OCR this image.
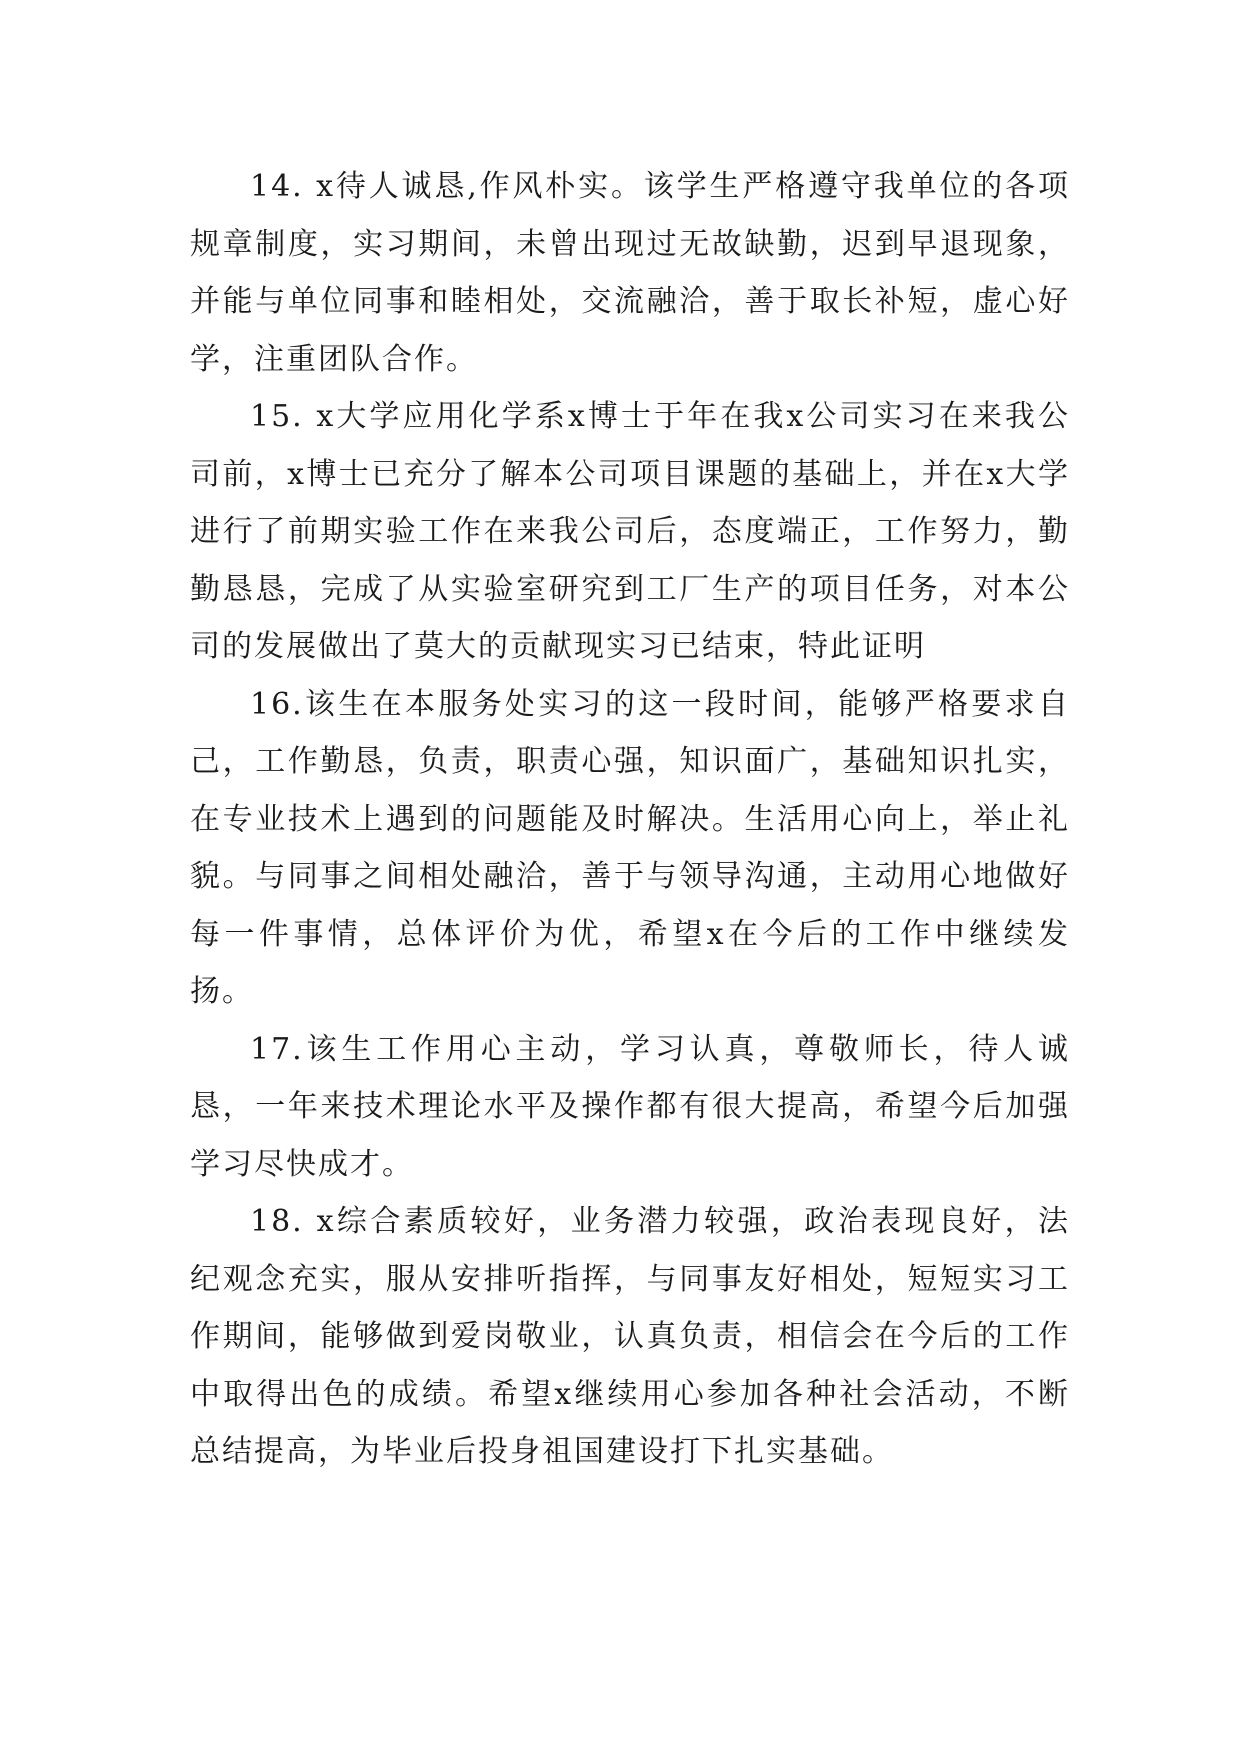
14. x待人诚恳,作风朴实。该学生严格遵守我单位的各项规章制度，实习期间，未曾出现过无故缺勤，迟到早退现象，并能与单位同事和睦相处，交流融洽，善于取长补短，虚心好学，注重团队合作。

15. x大学应用化学系x博士于年在我x公司实习在来我公司前，x博士已充分了解本公司项目课题的基础上，并在x大学进行了前期实验工作在来我公司后，态度端正，工作努力，勤勤恳恳，完成了从实验室研究到工厂生产的项目任务，对本公司的发展做出了莫大的贡献现实习已结束，特此证明

16.该生在本服务处实习的这一段时间，能够严格要求自己，工作勤恳，负责，职责心强，知识面广，基础知识扎实，在专业技术上遇到的问题能及时解决。生活用心向上，举止礼貌。与同事之间相处融洽，善于与领导沟通，主动用心地做好每一件事情，总体评价为优，希望x在今后的工作中继续发扬。

17.该生工作用心主动，学习认真，尊敬师长，待人诚恳，一年来技术理论水平及操作都有很大提高，希望今后加强学习尽快成才。

18. x综合素质较好，业务潜力较强，政治表现良好，法纪观念充实，服从安排听指挥，与同事友好相处，短短实习工作期间，能够做到爱岗敬业，认真负责，相信会在今后的工作中取得出色的成绩。希望x继续用心参加各种社会活动，不断总结提高，为毕业后投身祖国建设打下扎实基础。
